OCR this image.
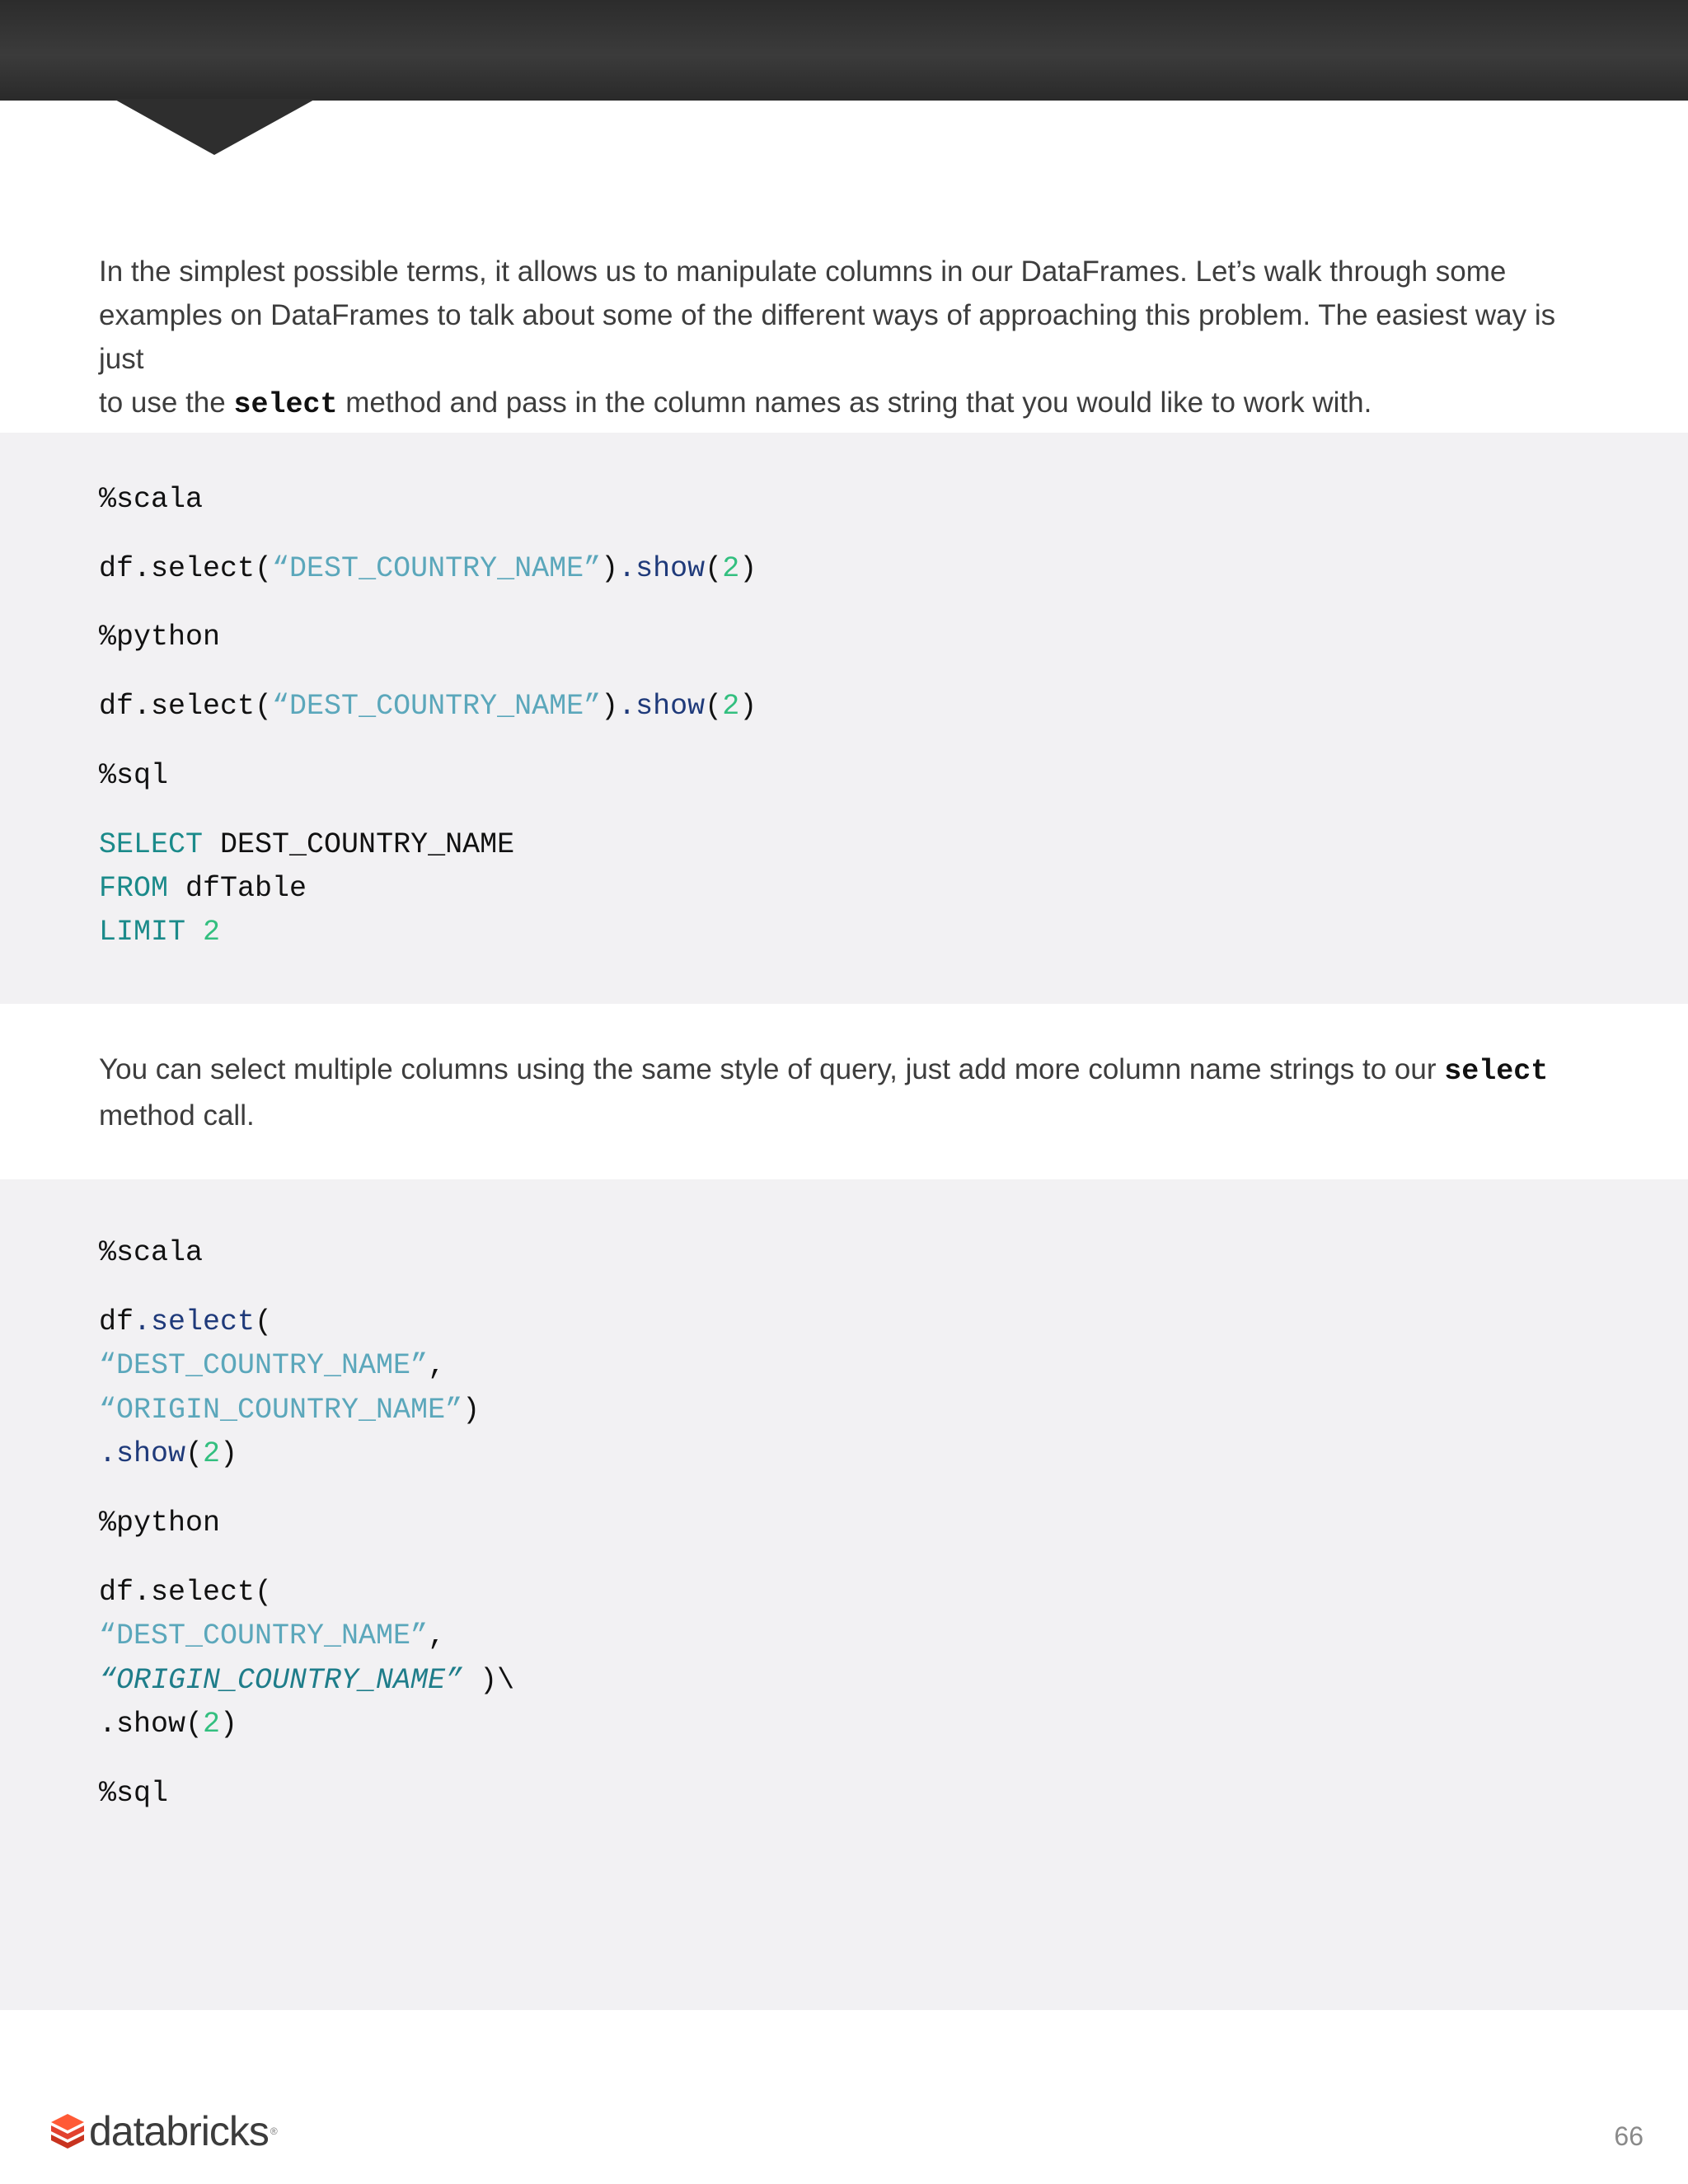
In the simplest possible terms, it allows us to manipulate columns in our DataFrames. Let’s walk through some
examples on DataFrames to talk about some of the different ways of approaching this problem. The easiest way is just
to use the select method and pass in the column names as string that you would like to work with.

%scala
df.select(“DEST_COUNTRY_NAME”).show(2)
%python
df.select(“DEST_COUNTRY_NAME”).show(2)
%sql
SELECT DEST_COUNTRY_NAME
FROM dfTable
LIMIT 2

You can select multiple columns using the same style of query, just add more column name strings to our select
method call.

%scala
df.select(
“DEST_COUNTRY_NAME”,
“ORIGIN_COUNTRY_NAME”)
.show(2)
%python
df.select(
“DEST_COUNTRY_NAME”,
“ORIGIN_COUNTRY_NAME” )\
.show(2)
%sql
databricks ®	66
